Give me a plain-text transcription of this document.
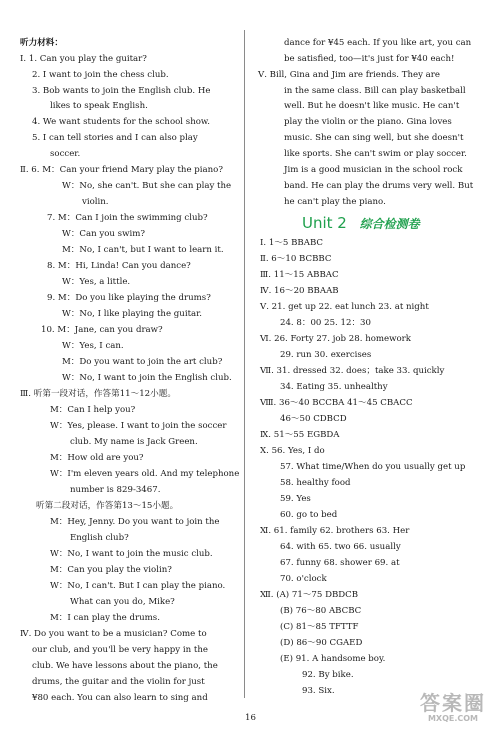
听力材料：
Ⅰ. 1. Can you play the guitar?
2. I want to join the chess club.
3. Bob wants to join the English club. He
likes to speak English.
4. We want students for the school show.
5. I can tell stories and I can also play
soccer.
Ⅱ. 6. M：Can your friend Mary play the piano?
W：No, she can't. But she can play the
violin.
7. M：Can I join the swimming club?
W：Can you swim?
M：No, I can't, but I want to learn it.
8. M：Hi, Linda! Can you dance?
W：Yes, a little.
9. M：Do you like playing the drums?
W：No, I like playing the guitar.
10. M：Jane, can you draw?
W：Yes, I can.
M：Do you want to join the art club?
W：No, I want to join the English club.
Ⅲ. 听第一段对话，作答第11～12小题。
M：Can I help you?
W：Yes, please. I want to join the soccer
club. My name is Jack Green.
M：How old are you?
W：I'm eleven years old. And my telephone
number is 829-3467.
听第二段对话，作答第13～15小题。
M：Hey, Jenny. Do you want to join the
English club?
W：No, I want to join the music club.
M：Can you play the violin?
W：No, I can't. But I can play the piano.
What can you do, Mike?
M：I can play the drums.
Ⅳ. Do you want to be a musician? Come to
our club, and you'll be very happy in the
club. We have lessons about the piano, the
drums, the guitar and the violin for just
¥80 each. You can also learn to sing and
Unit 2 综合检测卷
dance for ¥45 each. If you like art, you can
be satisfied, too—it's just for ¥40 each!
Ⅴ. Bill, Gina and Jim are friends. They are
in the same class. Bill can play basketball
well. But he doesn't like music. He can't
play the violin or the piano. Gina loves
music. She can sing well, but she doesn't
like sports. She can't swim or play soccer.
Jim is a good musician in the school rock
band. He can play the drums very well. But
he can't play the piano.
Ⅰ. 1～5 BBABC
Ⅱ. 6～10 BCBBC
Ⅲ. 11～15 ABBAC
Ⅳ. 16～20 BBAAB
Ⅴ. 21. get up 22. eat lunch 23. at night
24. 8：00 25. 12：30
Ⅵ. 26. Forty 27. job 28. homework
29. run 30. exercises
Ⅶ. 31. dressed 32. does；take 33. quickly
34. Eating 35. unhealthy
Ⅷ. 36～40 BCCBA 41～45 CBACC
46～50 CDBCD
Ⅸ. 51～55 EGBDA
Ⅹ. 56. Yes, I do
57. What time/When do you usually get up
58. healthy food
59. Yes
60. go to bed
Ⅺ. 61. family 62. brothers 63. Her
64. with 65. two 66. usually
67. funny 68. shower 69. at
70. o'clock
Ⅻ. (A) 71～75 DBDCB
(B) 76～80 ABCBC
(C) 81～85 TFTTF
(D) 86～90 CGAED
(E) 91. A handsome boy.
92. By bike.
93. Six.
16
答案圈
MXQE.COM
